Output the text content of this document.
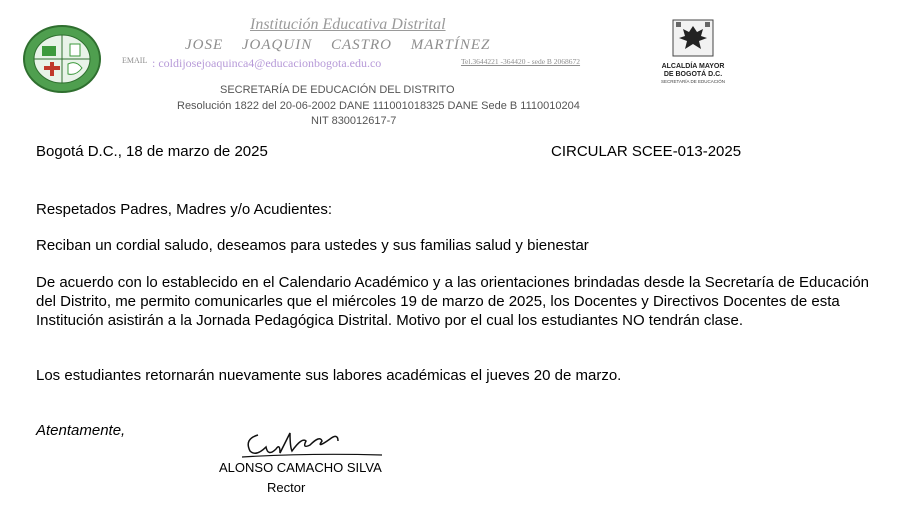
Institución Educativa Distrital
JOSE JOAQUIN CASTRO MARTÍNEZ
EMAIL : coldijosejoaquinca4@educacionbogota.edu.co	Tel.3644221 -364420 - sede B 2068672
SECRETARÍA DE EDUCACIÓN DEL DISTRITO
Resolución 1822 del 20-06-2002 DANE 111001018325 DANE Sede B 1110010204
NIT 830012617-7
ALCALDÍA MAYOR
DE BOGOTÁ D.C.
SECRETARÍA DE EDUCACIÓN
Bogotá D.C., 18 de marzo de 2025	CIRCULAR SCEE-013-2025
Respetados Padres, Madres y/o Acudientes:
Reciban un cordial saludo, deseamos para ustedes y sus familias salud y bienestar
De acuerdo con lo establecido en el Calendario Académico y a las orientaciones brindadas desde la Secretaría de Educación del Distrito, me permito comunicarles que el miércoles 19 de marzo de 2025, los Docentes y Directivos Docentes de esta Institución asistirán a la Jornada Pedagógica Distrital. Motivo por el cual los estudiantes NO tendrán clase.
Los estudiantes retornarán nuevamente sus labores académicas el jueves 20 de marzo.
Atentamente,
ALONSO CAMACHO SILVA
Rector
